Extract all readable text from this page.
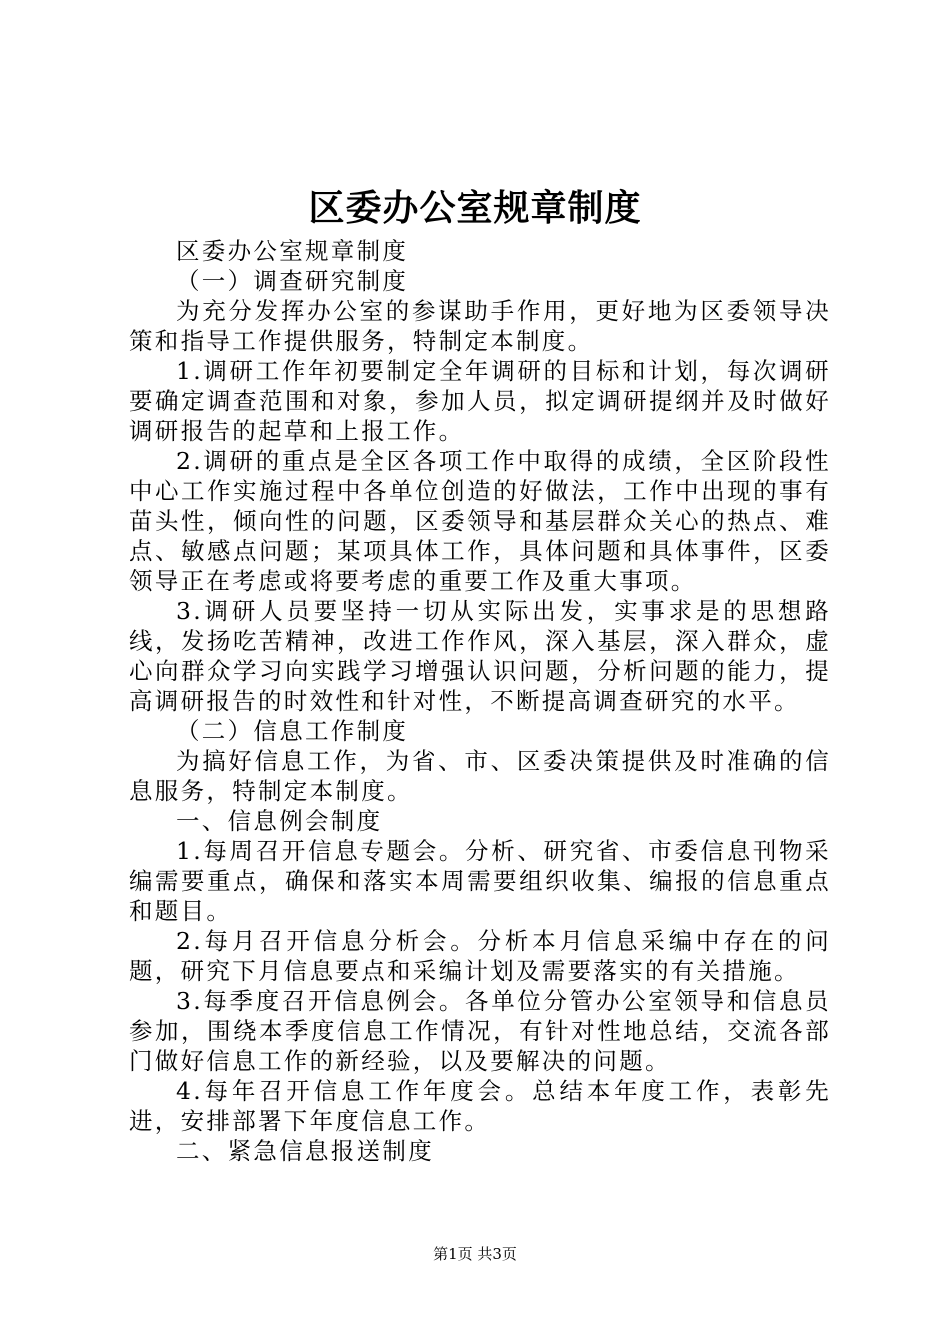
区委办公室规章制度

区委办公室规章制度

（一）调查研究制度

为充分发挥办公室的参谋助手作用，更好地为区委领导决策和指导工作提供服务，特制定本制度。

1.调研工作年初要制定全年调研的目标和计划，每次调研要确定调查范围和对象，参加人员，拟定调研提纲并及时做好调研报告的起草和上报工作。

2.调研的重点是全区各项工作中取得的成绩，全区阶段性中心工作实施过程中各单位创造的好做法，工作中出现的事有苗头性，倾向性的问题，区委领导和基层群众关心的热点、难点、敏感点问题；某项具体工作，具体问题和具体事件，区委领导正在考虑或将要考虑的重要工作及重大事项。

3.调研人员要坚持一切从实际出发，实事求是的思想路线，发扬吃苦精神，改进工作作风，深入基层，深入群众，虚心向群众学习向实践学习增强认识问题，分析问题的能力，提高调研报告的时效性和针对性，不断提高调查研究的水平。

（二）信息工作制度

为搞好信息工作，为省、市、区委决策提供及时准确的信息服务，特制定本制度。

一、信息例会制度

1.每周召开信息专题会。分析、研究省、市委信息刊物采编需要重点，确保和落实本周需要组织收集、编报的信息重点和题目。

2.每月召开信息分析会。分析本月信息采编中存在的问题，研究下月信息要点和采编计划及需要落实的有关措施。

3.每季度召开信息例会。各单位分管办公室领导和信息员参加，围绕本季度信息工作情况，有针对性地总结，交流各部门做好信息工作的新经验，以及要解决的问题。

4.每年召开信息工作年度会。总结本年度工作，表彰先进，安排部署下年度信息工作。

二、紧急信息报送制度

第1页 共3页
